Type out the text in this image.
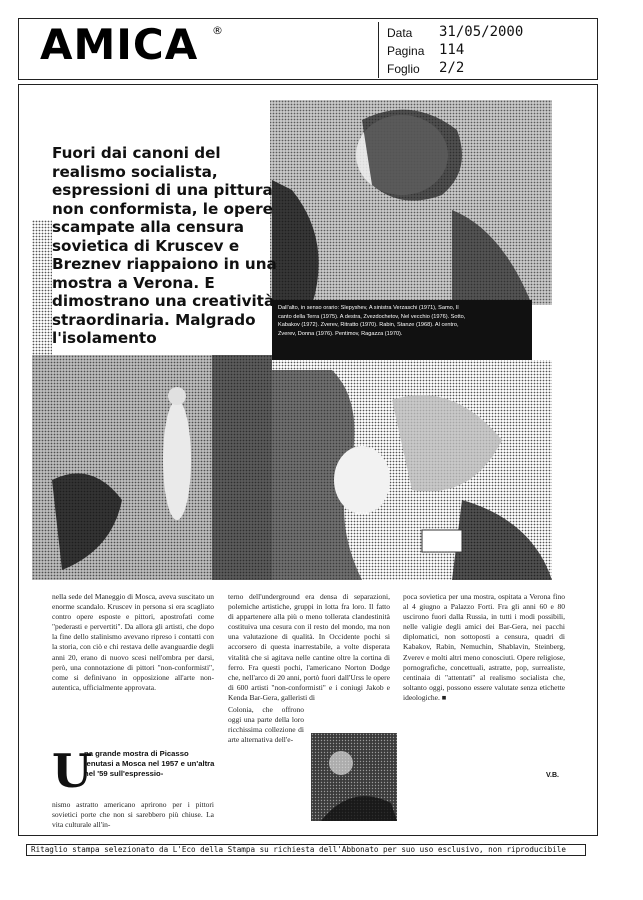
AMICA ®	Data 31/05/2000
Pagina 114
Foglio 2/2
Fuori dai canoni del realismo socialista, espressioni di una pittura non conformista, le opere scampate alla censura sovietica di Kruscev e Breznev riappaiono in una mostra a Verona. E dimostrano una creatività straordinaria. Malgrado l'isolamento
Dall'alto, in senso orario: Slepyshev, A sinistra Verzaschi (1971), Samo, Il canto della Terra (1975). A destra, Zvezdochetov, Nel vecchio (1976). Sotto, Kabakov (1972). Zverev, Ritratto (1970). Rabin, Stanze (1968). Al centro, Zverev, Donna (1976). Pentimov, Ragazza (1970).
nella sede del Maneggio di Mosca, aveva suscitato un enorme scandalo. Kruscev in persona si era scagliato contro opere esposte e pittori, apostrofati come "pederasti e pervertiti". Da allora gli artisti, che dopo la fine dello stalinismo avevano ripreso i contatti con la storia, con ciò e chi restava delle avanguardie degli anni 20, erano di nuovo scesi nell'ombra per darsi, però, una connotazione di pittori "non-conformisti", come si definivano in opposizione all'arte non-autentica, ufficialmente approvata.
U
na grande mostra di Picasso tenutasi a Mosca nel 1957 e un'altra nel '59 sull'espressio-
nismo astratto americano aprirono per i pittori sovietici porte che non si sarebbero più chiuse. La vita culturale all'in-
terno dell'underground era densa di separazioni, polemiche artistiche, gruppi in lotta fra loro. Il fatto di appartenere alla più o meno tollerata clandestinità costituiva una cesura con il resto del mondo, ma non una valutazione di qualità. In Occidente pochi si accorsero di questa inarrestabile, a volte disperata vitalità che si agitava nelle cantine oltre la cortina di ferro. Fra questi pochi, l'americano Norton Dodge che, nell'arco di 20 anni, portò fuori dall'Urss le opere di 600 artisti "non-conformisti" e i coniugi Jakob e Kenda Bar-Gera, galleristi di
Colonia, che offrono oggi una parte della loro ricchissima collezione di arte alternativa dell'e-
poca sovietica per una mostra, ospitata a Verona fino al 4 giugno a Palazzo Forti. Fra gli anni 60 e 80 uscirono fuori dalla Russia, in tutti i modi possibili, nelle valigie degli amici dei Bar-Gera, nei pacchi diplomatici, non sottoposti a censura, quadri di Kabakov, Rabin, Nemuchin, Shablavin, Steinberg, Zverev e molti altri meno conosciuti. Opere religiose, pornografiche, concettuali, astratte, pop, surrealiste, centinaia di "attentati" al realismo socialista che, soltanto oggi, possono essere valutate senza etichette ideologiche. ■
V.B.
Ritaglio stampa selezionato da L'Eco della Stampa su richiesta dell'Abbonato per suo uso esclusivo, non riproducibile
